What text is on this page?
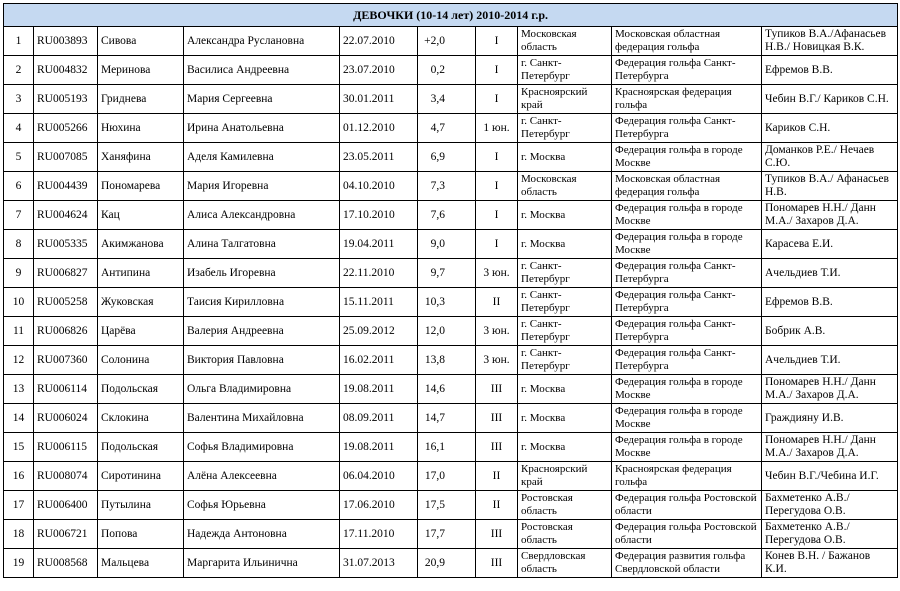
ДЕВОЧКИ (10-14 лет) 2010-2014 г.р.									
1	RU003893	Сивова	Александра Руслановна	22.07.2010	+2,0	I	Московская область	Московская областная федерация гольфа	Тупиков В.А./Афанасьев Н.В./ Новицкая В.К.
2	RU004832	Меринова	Василиса Андреевна	23.07.2010	0,2	I	г. Санкт-Петербург	Федерация гольфа Санкт-Петербурга	Ефремов В.В.
3	RU005193	Гриднева	Мария Сергеевна	30.01.2011	3,4	I	Красноярский край	Красноярская федерация гольфа	Чебин В.Г./ Кариков С.Н.
4	RU005266	Нюхина	Ирина Анатольевна	01.12.2010	4,7	1 юн.	г. Санкт-Петербург	Федерация гольфа Санкт-Петербурга	Кариков С.Н.
5	RU007085	Ханяфина	Аделя Камилевна	23.05.2011	6,9	I	г. Москва	Федерация гольфа в городе Москве	Доманков Р.Е./ Нечаев С.Ю.
6	RU004439	Пономарева	Мария Игоревна	04.10.2010	7,3	I	Московская область	Московская областная федерация гольфа	Тупиков В.А./ Афанасьев Н.В.
7	RU004624	Кац	Алиса Александровна	17.10.2010	7,6	I	г. Москва	Федерация гольфа в городе Москве	Пономарев Н.Н./ Данн М.А./ Захаров Д.А.
8	RU005335	Акимжанова	Алина Талгатовна	19.04.2011	9,0	I	г. Москва	Федерация гольфа в городе Москве	Карасева Е.И.
9	RU006827	Антипина	Изабель Игоревна	22.11.2010	9,7	3 юн.	г. Санкт-Петербург	Федерация гольфа Санкт-Петербурга	Ачельдиев Т.И.
10	RU005258	Жуковская	Таисия Кирилловна	15.11.2011	10,3	II	г. Санкт-Петербург	Федерация гольфа Санкт-Петербурга	Ефремов В.В.
11	RU006826	Царёва	Валерия Андреевна	25.09.2012	12,0	3 юн.	г. Санкт-Петербург	Федерация гольфа Санкт-Петербурга	Бобрик А.В.
12	RU007360	Солонина	Виктория Павловна	16.02.2011	13,8	3 юн.	г. Санкт-Петербург	Федерация гольфа Санкт-Петербурга	Ачельдиев Т.И.
13	RU006114	Подольская	Ольга Владимировна	19.08.2011	14,6	III	г. Москва	Федерация гольфа в городе Москве	Пономарев Н.Н./ Данн М.А./ Захаров Д.А.
14	RU006024	Склокина	Валентина Михайловна	08.09.2011	14,7	III	г. Москва	Федерация гольфа в городе Москве	Граждияну И.В.
15	RU006115	Подольская	Софья Владимировна	19.08.2011	16,1	III	г. Москва	Федерация гольфа в городе Москве	Пономарев Н.Н./ Данн М.А./ Захаров Д.А.
16	RU008074	Сиротинина	Алёна Алексеевна	06.04.2010	17,0	II	Красноярский край	Красноярская федерация гольфа	Чебин В.Г./Чебина И.Г.
17	RU006400	Путылина	Софья Юрьевна	17.06.2010	17,5	II	Ростовская область	Федерация гольфа Ростовской области	Бахметенко А.В./ Перегудова О.В.
18	RU006721	Попова	Надежда Антоновна	17.11.2010	17,7	III	Ростовская область	Федерация гольфа Ростовской области	Бахметенко А.В./ Перегудова О.В.
19	RU008568	Мальцева	Маргарита Ильинична	31.07.2013	20,9	III	Свердловская область	Федерация развития гольфа Свердловской области	Конев В.Н. / Бажанов К.И.
